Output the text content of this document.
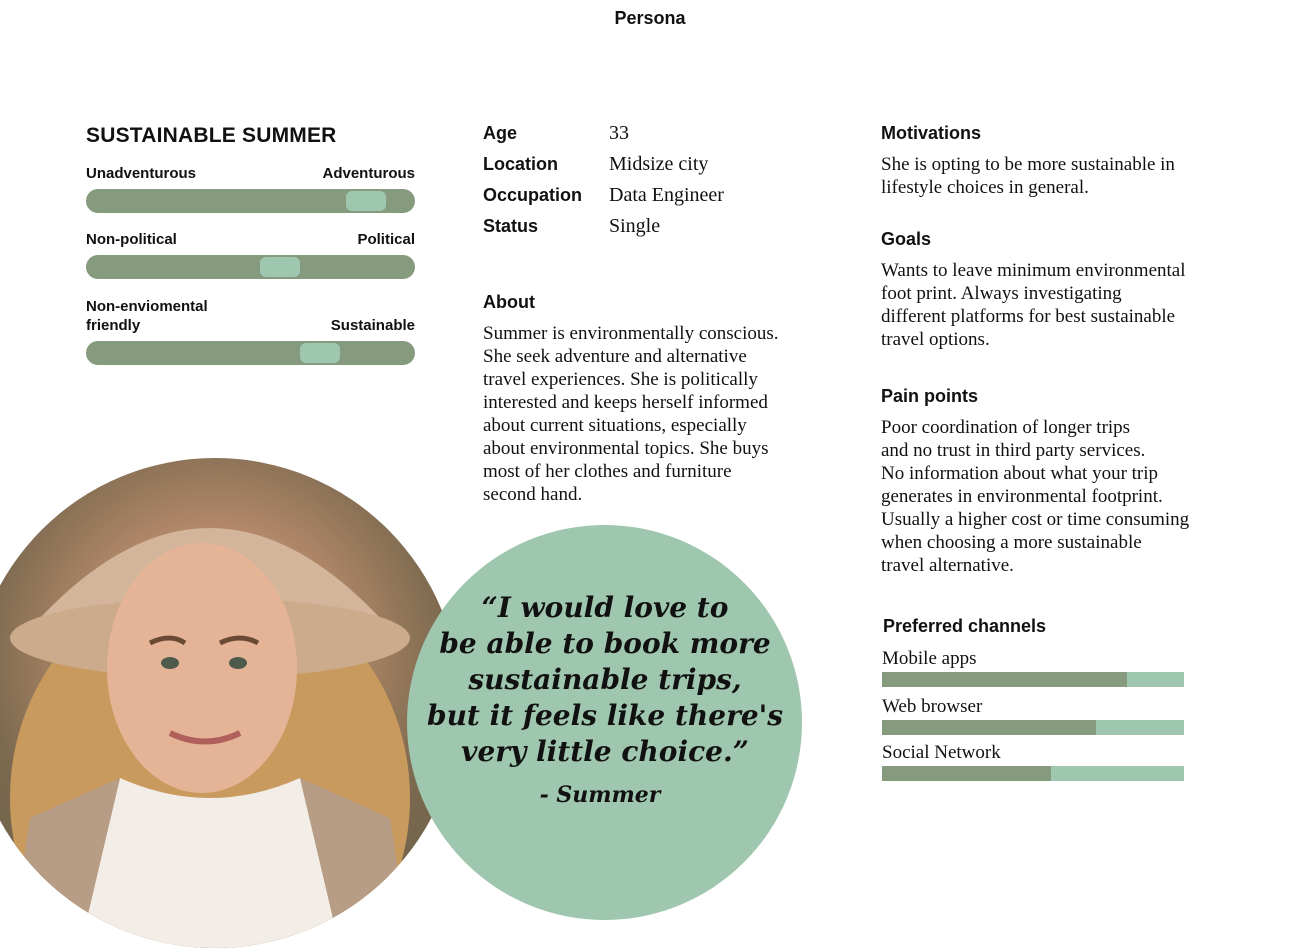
Persona
SUSTAINABLE SUMMER
Unadventurous	Adventurous
Non-political	Political
Non-enviomental friendly	Sustainable
Age	33
Location	Midsize city
Occupation	Data Engineer
Status	Single
About
Summer is environmentally conscious.
She seek adventure and alternative
travel experiences. She is politically
interested and keeps herself informed
about current situations, especially
about environmental topics. She buys
most of her clothes and furniture
second hand.
“I would love to
be able to book more
sustainable trips,
but it feels like there's
very little choice.”
- Summer
Motivations
She is opting to be more sustainable in
lifestyle choices in general.
Goals
Wants to leave minimum environmental
foot print. Always investigating
different platforms for best sustainable
travel options.
Pain points
Poor coordination of longer trips
and no trust in third party services.
No information about what your trip
generates in environmental footprint.
Usually a higher cost or time consuming
when choosing a more sustainable
travel alternative.
Preferred channels
Mobile apps
Web browser
Social Network
